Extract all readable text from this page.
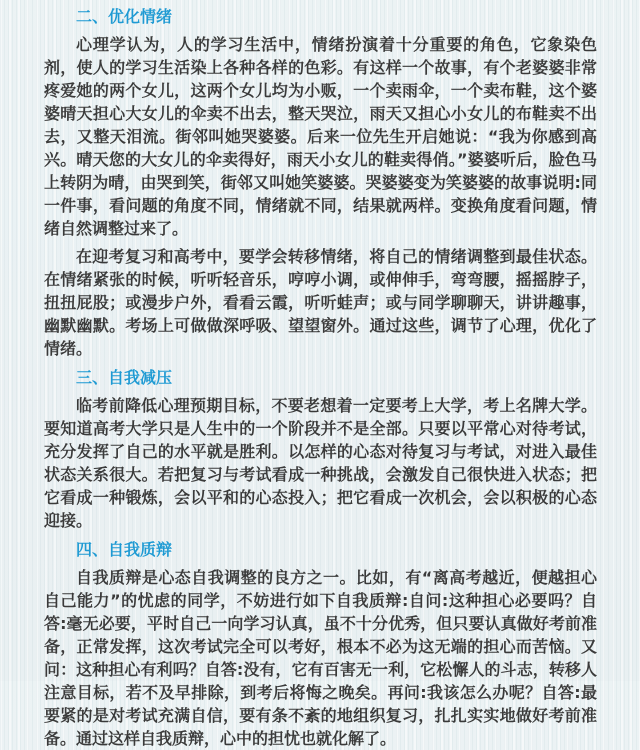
二、优化情绪

心理学认为，人的学习生活中，情绪扮演着十分重要的角色，它象染色剂，使人的学习生活染上各种各样的色彩。有这样一个故事，有个老婆婆非常疼爱她的两个女儿，这两个女儿均为小贩，一个卖雨伞，一个卖布鞋，这个婆婆晴天担心大女儿的伞卖不出去，整天哭泣，雨天又担心小女儿的布鞋卖不出去，又整天泪流。街邻叫她哭婆婆。后来一位先生开启她说：“我为你感到高兴。晴天您的大女儿的伞卖得好，雨天小女儿的鞋卖得俏。”婆婆听后，脸色马上转阴为晴，由哭到笑，街邻又叫她笑婆婆。哭婆婆变为笑婆婆的故事说明:同一件事，看问题的角度不同，情绪就不同，结果就两样。变换角度看问题，情绪自然调整过来了。

在迎考复习和高考中，要学会转移情绪，将自己的情绪调整到最佳状态。在情绪紧张的时候，听听轻音乐，哼哼小调，或伸伸手，弯弯腰，摇摇脖子，扭扭屁股；或漫步户外，看看云霞，听听蛙声；或与同学聊聊天，讲讲趣事，幽默幽默。考场上可做做深呼吸、望望窗外。通过这些，调节了心理，优化了情绪。

三、自我减压

临考前降低心理预期目标，不要老想着一定要考上大学，考上名牌大学。要知道高考大学只是人生中的一个阶段并不是全部。只要以平常心对待考试，充分发挥了自己的水平就是胜利。以怎样的心态对待复习与考试，对进入最佳状态关系很大。若把复习与考试看成一种挑战，会激发自己很快进入状态；把它看成一种锻炼，会以平和的心态投入；把它看成一次机会，会以积极的心态迎接。

四、自我质辩

自我质辩是心态自我调整的良方之一。比如，有“离高考越近，便越担心自己能力”的忧虑的同学，不妨进行如下自我质辩:自问:这种担心必要吗？自答:毫无必要，平时自己一向学习认真，虽不十分优秀，但只要认真做好考前准备，正常发挥，这次考试完全可以考好，根本不必为这无端的担心而苦恼。又问：这种担心有利吗？自答:没有，它有百害无一利，它松懈人的斗志，转移人注意目标，若不及早排除，到考后将悔之晚矣。再问:我该怎么办呢？自答:最要紧的是对考试充满自信，要有条不紊的地组织复习，扎扎实实地做好考前准备。通过这样自我质辩，心中的担忧也就化解了。
